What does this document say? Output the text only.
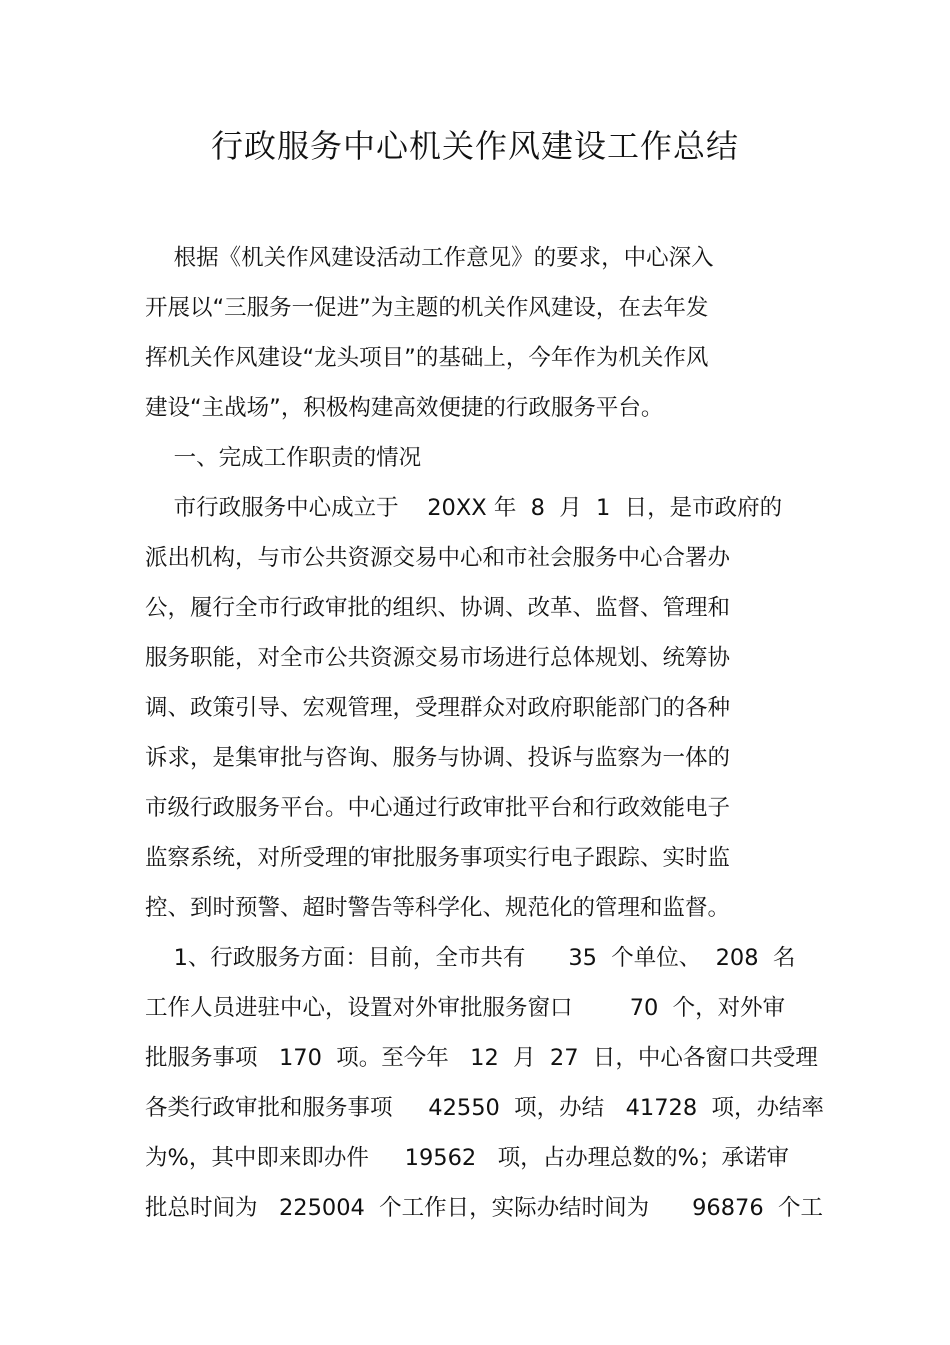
行政服务中心机关作风建设工作总结

根据《机关作风建设活动工作意见》的要求，中心深入

开展以“三服务一促进”为主题的机关作风建设，在去年发

挥机关作风建设“龙头项目”的基础上，今年作为机关作风

建设“主战场”，积极构建高效便捷的行政服务平台。

一、完成工作职责的情况

市行政服务中心成立于    20XX 年  8  月  1  日，是市政府的

派出机构，与市公共资源交易中心和市社会服务中心合署办

公，履行全市行政审批的组织、协调、改革、监督、管理和

服务职能，对全市公共资源交易市场进行总体规划、统筹协

调、政策引导、宏观管理，受理群众对政府职能部门的各种

诉求，是集审批与咨询、服务与协调、投诉与监察为一体的

市级行政服务平台。中心通过行政审批平台和行政效能电子

监察系统，对所受理的审批服务事项实行电子跟踪、实时监

控、到时预警、超时警告等科学化、规范化的管理和监督。

1、行政服务方面：目前，全市共有      35  个单位、  208  名

工作人员进驻中心，设置对外审批服务窗口        70  个，对外审

批服务事项   170  项。至今年   12  月  27  日，中心各窗口共受理

各类行政审批和服务事项     42550  项，办结   41728  项，办结率

为%，其中即来即办件     19562   项，占办理总数的%；承诺审

批总时间为   225004  个工作日，实际办结时间为      96876  个工
